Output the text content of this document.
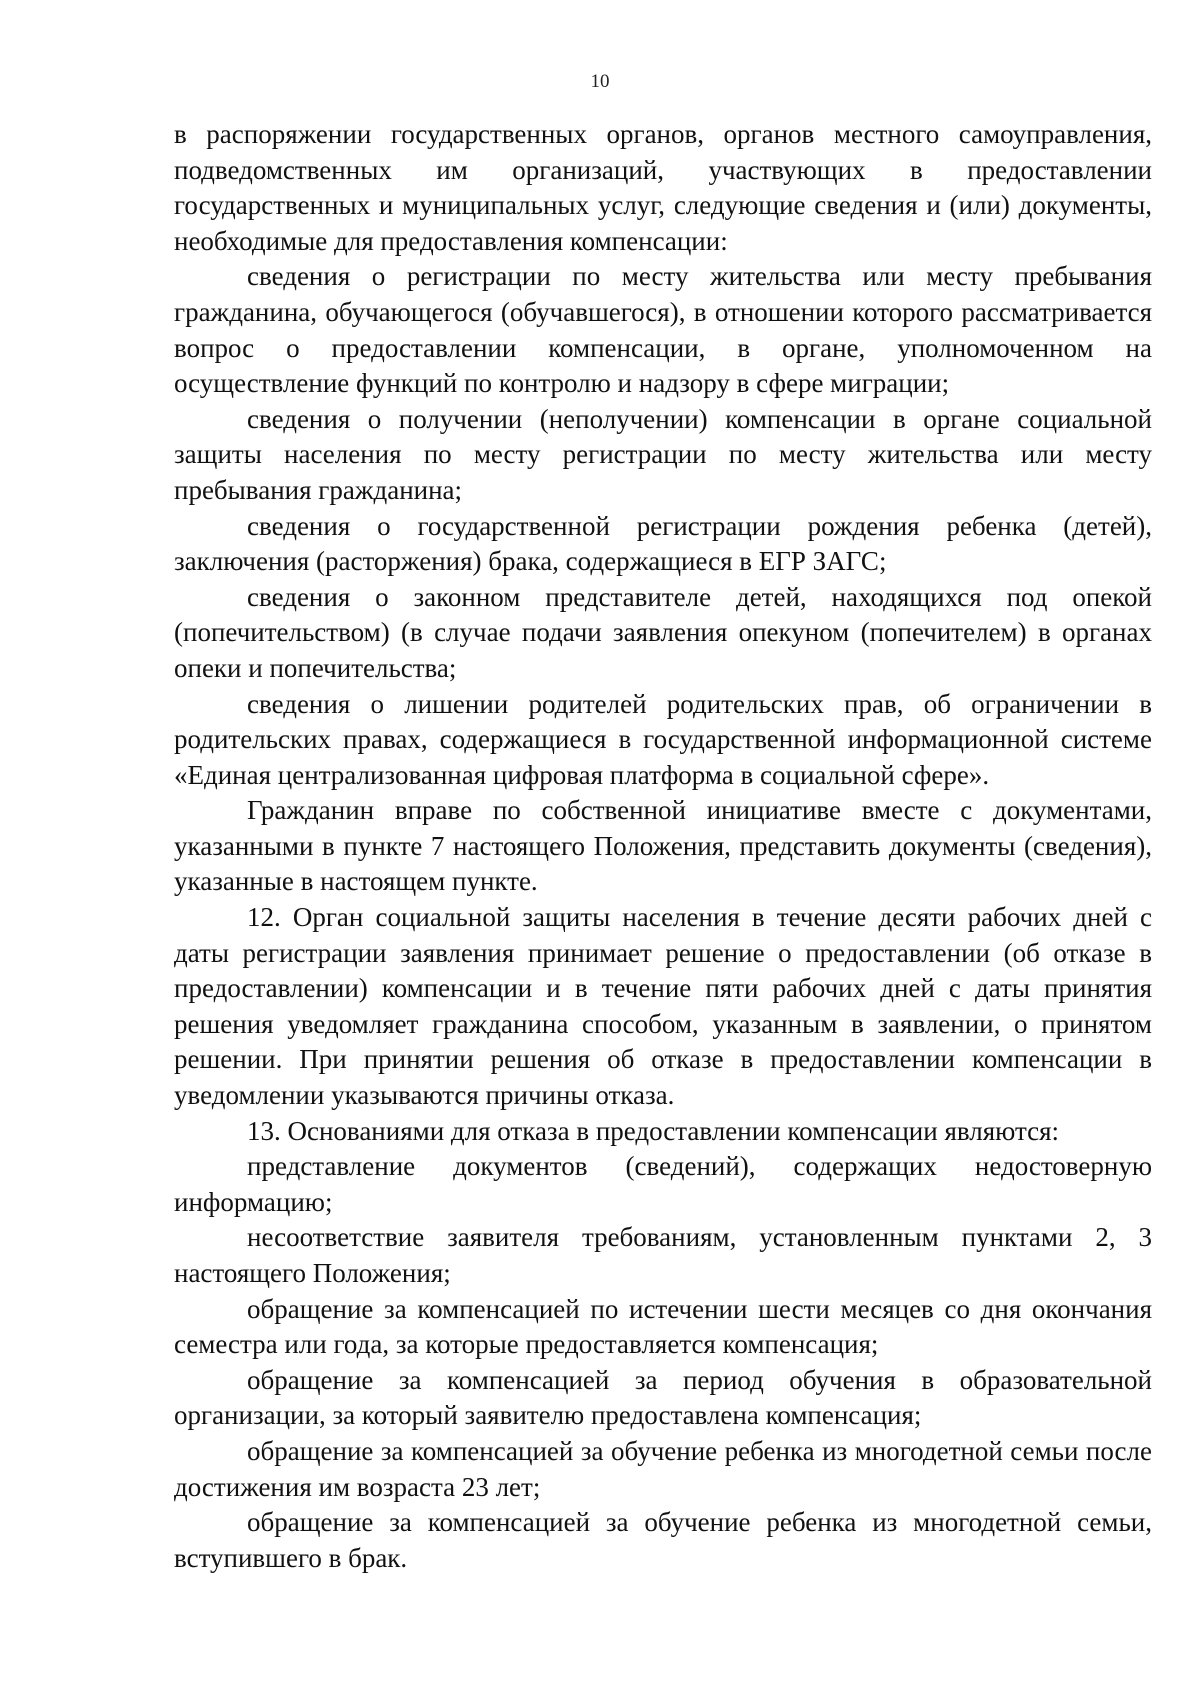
10

в распоряжении государственных органов, органов местного самоуправления, подведомственных им организаций, участвующих в предоставлении государственных и муниципальных услуг, следующие сведения и (или) документы, необходимые для предоставления компенсации:

сведения о регистрации по месту жительства или месту пребывания гражданина, обучающегося (обучавшегося), в отношении которого рассматривается вопрос о предоставлении компенсации, в органе, уполномоченном на осуществление функций по контролю и надзору в сфере миграции;

сведения о получении (неполучении) компенсации в органе социальной защиты населения по месту регистрации по месту жительства или месту пребывания гражданина;

сведения о государственной регистрации рождения ребенка (детей), заключения (расторжения) брака, содержащиеся в ЕГР ЗАГС;

сведения о законном представителе детей, находящихся под опекой (попечительством) (в случае подачи заявления опекуном (попечителем) в органах опеки и попечительства;

сведения о лишении родителей родительских прав, об ограничении в родительских правах, содержащиеся в государственной информационной системе «Единая централизованная цифровая платформа в социальной сфере».

Гражданин вправе по собственной инициативе вместе с документами, указанными в пункте 7 настоящего Положения, представить документы (сведения), указанные в настоящем пункте.

12. Орган социальной защиты населения в течение десяти рабочих дней с даты регистрации заявления принимает решение о предоставлении (об отказе в предоставлении) компенсации и в течение пяти рабочих дней с даты принятия решения уведомляет гражданина способом, указанным в заявлении, о принятом решении. При принятии решения об отказе в предоставлении компенсации в уведомлении указываются причины отказа.

13. Основаниями для отказа в предоставлении компенсации являются:

представление документов (сведений), содержащих недостоверную информацию;

несоответствие заявителя требованиям, установленным пунктами 2, 3 настоящего Положения;

обращение за компенсацией по истечении шести месяцев со дня окончания семестра или года, за которые предоставляется компенсация;

обращение за компенсацией за период обучения в образовательной организации, за который заявителю предоставлена компенсация;

обращение за компенсацией за обучение ребенка из многодетной семьи после достижения им возраста 23 лет;

обращение за компенсацией за обучение ребенка из многодетной семьи, вступившего в брак.
